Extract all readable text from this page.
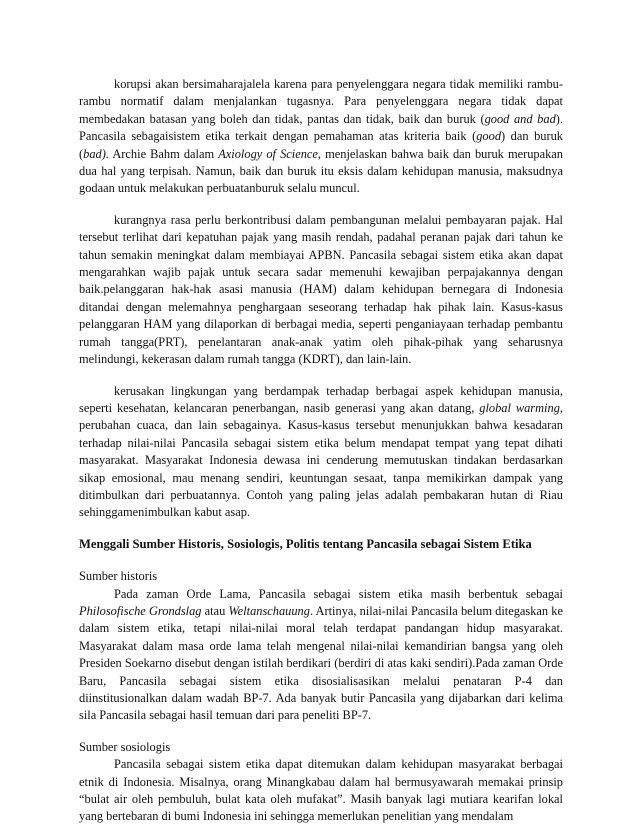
korupsi akan bersimaharajalela karena para penyelenggara negara tidak memiliki rambu-rambu normatif dalam menjalankan tugasnya. Para penyelenggara negara tidak dapat membedakan batasan yang boleh dan tidak, pantas dan tidak, baik dan buruk (good and bad). Pancasila sebagaisistem etika terkait dengan pemahaman atas kriteria baik (good) dan buruk (bad). Archie Bahm dalam Axiology of Science, menjelaskan bahwa baik dan buruk merupakan dua hal yang terpisah. Namun, baik dan buruk itu eksis dalam kehidupan manusia, maksudnya godaan untuk melakukan perbuatanburuk selalu muncul.

kurangnya rasa perlu berkontribusi dalam pembangunan melalui pembayaran pajak. Hal tersebut terlihat dari kepatuhan pajak yang masih rendah, padahal peranan pajak dari tahun ke tahun semakin meningkat dalam membiayai APBN. Pancasila sebagai sistem etika akan dapat mengarahkan wajib pajak untuk secara sadar memenuhi kewajiban perpajakannya dengan baik.pelanggaran hak-hak asasi manusia (HAM) dalam kehidupan bernegara di Indonesia ditandai dengan melemahnya penghargaan seseorang terhadap hak pihak lain. Kasus-kasus pelanggaran HAM yang dilaporkan di berbagai media, seperti penganiayaan terhadap pembantu rumah tangga(PRT), penelantaran anak-anak yatim oleh pihak-pihak yang seharusnya melindungi, kekerasan dalam rumah tangga (KDRT), dan lain-lain.

kerusakan lingkungan yang berdampak terhadap berbagai aspek kehidupan manusia, seperti kesehatan, kelancaran penerbangan, nasib generasi yang akan datang, global warming, perubahan cuaca, dan lain sebagainya. Kasus-kasus tersebut menunjukkan bahwa kesadaran terhadap nilai-nilai Pancasila sebagai sistem etika belum mendapat tempat yang tepat dihati masyarakat. Masyarakat Indonesia dewasa ini cenderung memutuskan tindakan berdasarkan sikap emosional, mau menang sendiri, keuntungan sesaat, tanpa memikirkan dampak yang ditimbulkan dari perbuatannya. Contoh yang paling jelas adalah pembakaran hutan di Riau sehinggamenimbulkan kabut asap.

Menggali Sumber Historis, Sosiologis, Politis tentang Pancasila sebagai Sistem Etika

Sumber historis

Pada zaman Orde Lama, Pancasila sebagai sistem etika masih berbentuk sebagai Philosofische Grondslag atau Weltanschauung. Artinya, nilai-nilai Pancasila belum ditegaskan ke dalam sistem etika, tetapi nilai-nilai moral telah terdapat pandangan hidup masyarakat. Masyarakat dalam masa orde lama telah mengenal nilai-nilai kemandirian bangsa yang oleh Presiden Soekarno disebut dengan istilah berdikari (berdiri di atas kaki sendiri).Pada zaman Orde Baru, Pancasila sebagai sistem etika disosialisasikan melalui penataran P-4 dan diinstitusionalkan dalam wadah BP-7. Ada banyak butir Pancasila yang dijabarkan dari kelima sila Pancasila sebagai hasil temuan dari para peneliti BP-7.

Sumber sosiologis

Pancasila sebagai sistem etika dapat ditemukan dalam kehidupan masyarakat berbagai etnik di Indonesia. Misalnya, orang Minangkabau dalam hal bermusyawarah memakai prinsip “bulat air oleh pembuluh, bulat kata oleh mufakat”. Masih banyak lagi mutiara kearifan lokal yang bertebaran di bumi Indonesia ini sehingga memerlukan penelitian yang mendalam
